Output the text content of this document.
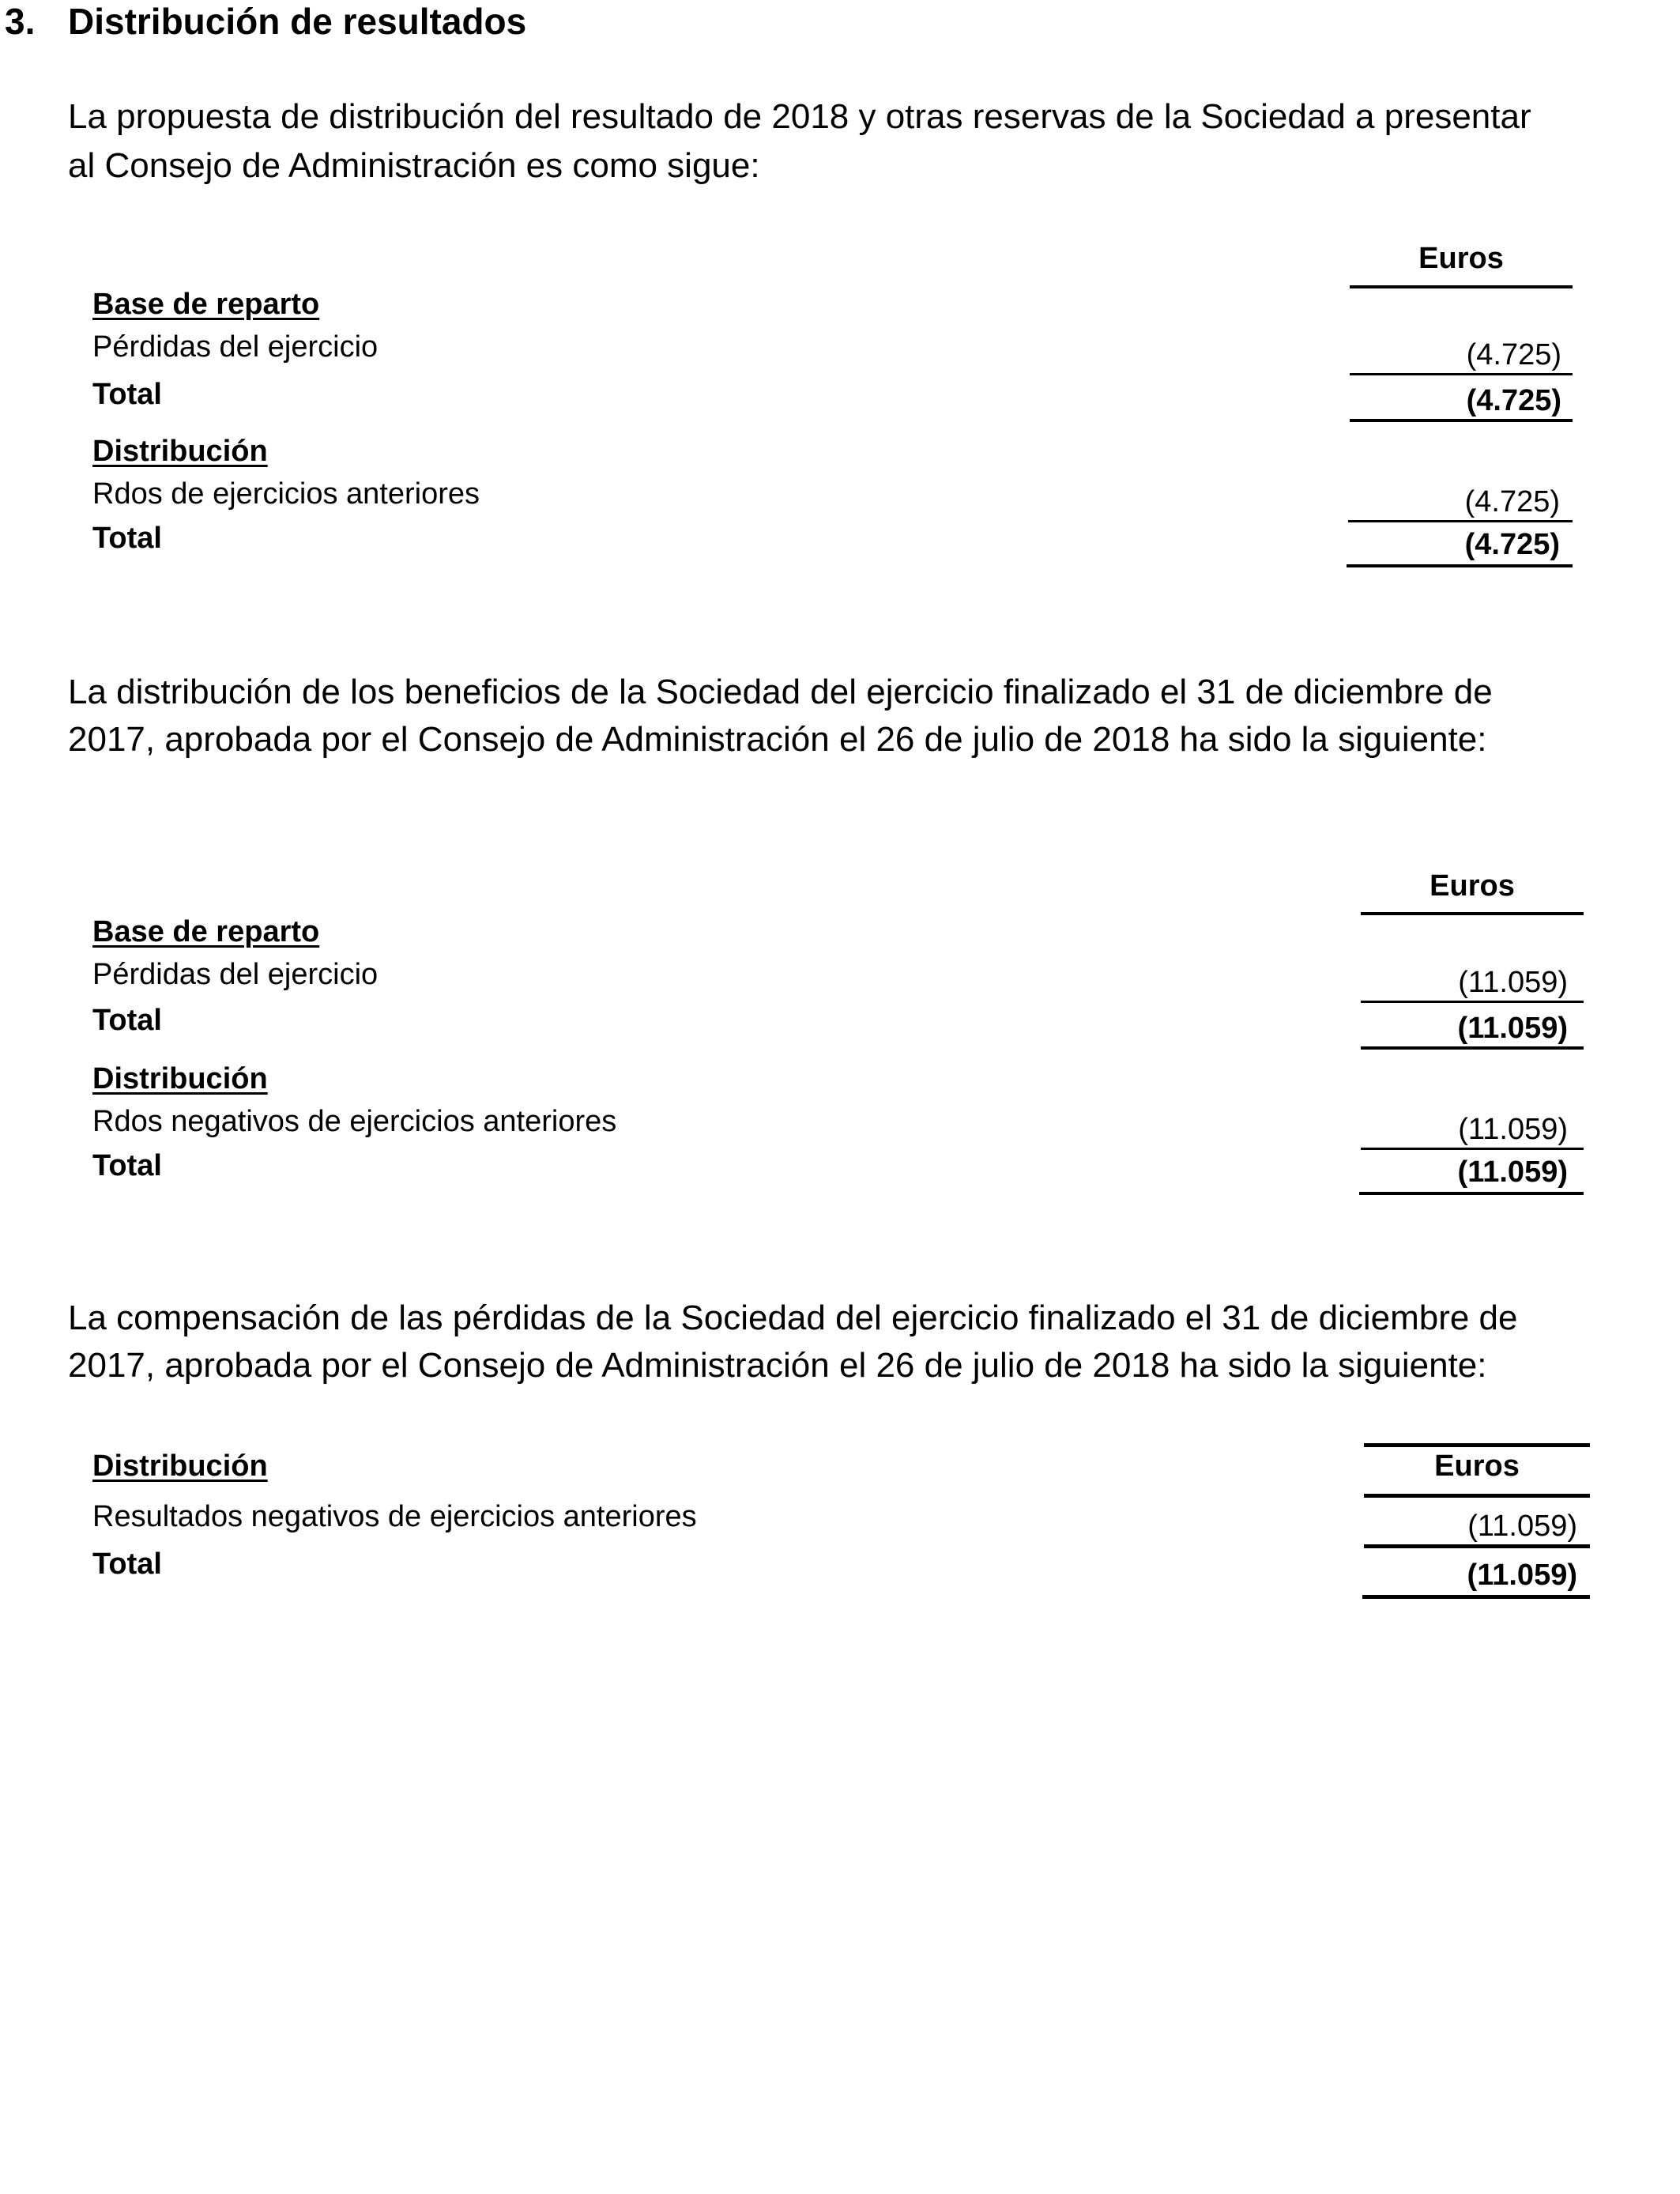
3. Distribución de resultados
La propuesta de distribución del resultado de 2018 y otras reservas de la Sociedad a presentar
al Consejo de Administración es como sigue:
Euros
Base de reparto
Pérdidas del ejercicio	(4.725)
Total	(4.725)
Distribución
Rdos de ejercicios anteriores	(4.725)
Total	(4.725)
La distribución de los beneficios de la Sociedad del ejercicio finalizado el 31 de diciembre de
2017, aprobada por el Consejo de Administración el 26 de julio de 2018 ha sido la siguiente:
Euros
Base de reparto
Pérdidas del ejercicio	(11.059)
Total	(11.059)
Distribución
Rdos negativos de ejercicios anteriores	(11.059)
Total	(11.059)
La compensación de las pérdidas de la Sociedad del ejercicio finalizado el 31 de diciembre de
2017, aprobada por el Consejo de Administración el 26 de julio de 2018 ha sido la siguiente:
Distribución	Euros
Resultados negativos de ejercicios anteriores	(11.059)
Total	(11.059)
